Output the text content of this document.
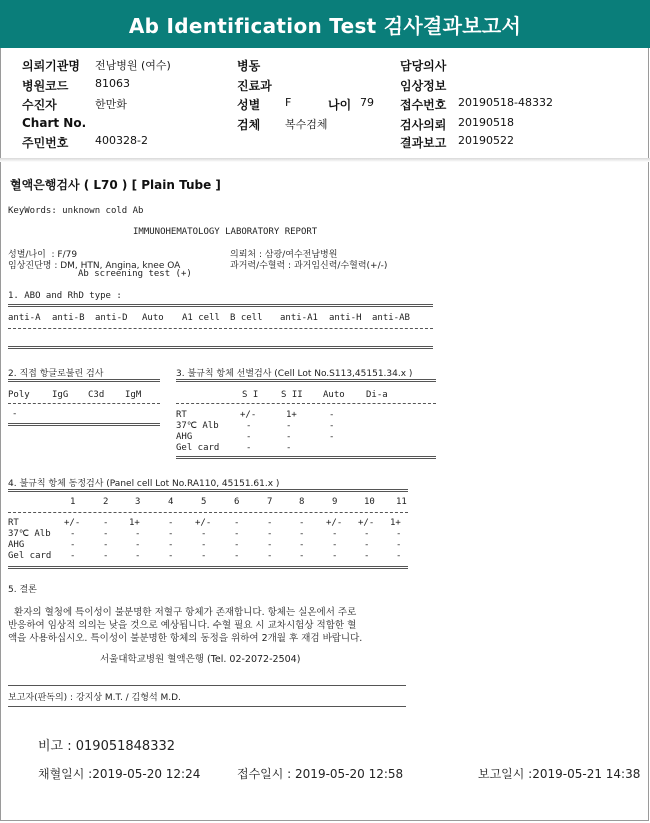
Ab Identification Test 검사결과보고서
의뢰기관명 전남병원 (여수)
병원코드 81063
수진자	한만화
Chart No.
주민번호 400328-2
병동
진료과
성별 F	나이 79
검체 복수검체
담당의사
임상정보
접수번호 20190518-48332
검사의뢰 20190518
결과보고 20190522
혈액은행검사 ( L70 ) [ Plain Tube ]
KeyWords: unknown cold Ab
IMMUNOHEMATOLOGY LABORATORY REPORT
성별/나이  : F/79
임상진단명 : DM, HTN, Angina, knee OA
Ab screening test (+)
의뢰처 : 삼광/여수전남병원
과거력/수혈력 : 과거임신력/수혈력(+/-)
1. ABO and RhD type :
anti-A anti-B anti-D Auto A1 cell B cell anti-A1 anti-H anti-AB
2. 직접 항글로불린 검사
Poly IgG C3d IgM
-
3. 불규칙 항체 선별검사 (Cell Lot No.S113,45151.34.x )
S I	S II Auto Di-a
RT	+/-	1+	-
37℃ Alb	-	-	-
AHG	-	-	-
Gel card	-	-
4. 불규칙 항체 동정검사 (Panel cell Lot No.RA110, 45151.61.x )
1	2	3	4	5	6	7	8	9	10 11
RT	+/-	- 1+	- +/-	-	-	- +/- +/- 1+
37℃ Alb -	-	-	-	-	-	-	-	-	-	-
AHG	-	-	-	-	-	-	-	-	-	-	-
Gel card -	-	-	-	-	-	-	-	-	-	-
5. 결론
환자의 혈청에 특이성이 불분명한 저혈구 항체가 존재합니다. 항체는 실온에서 주로
반응하여 임상적 의의는 낮을 것으로 예상됩니다. 수혈 필요 시 교차시험상 적합한 혈
액을 사용하십시오. 특이성이 불분명한 항체의 동정을 위하여 2개월 후 재검 바랍니다.
서울대학교병원 혈액은행 (Tel. 02-2072-2504)
보고자(판독의) : 강지상 M.T. / 김형석 M.D.
비고 : 019051848332
채혈일시 :2019-05-20 12:24	접수일시 : 2019-05-20 12:58	보고일시 :2019-05-21 14:38
